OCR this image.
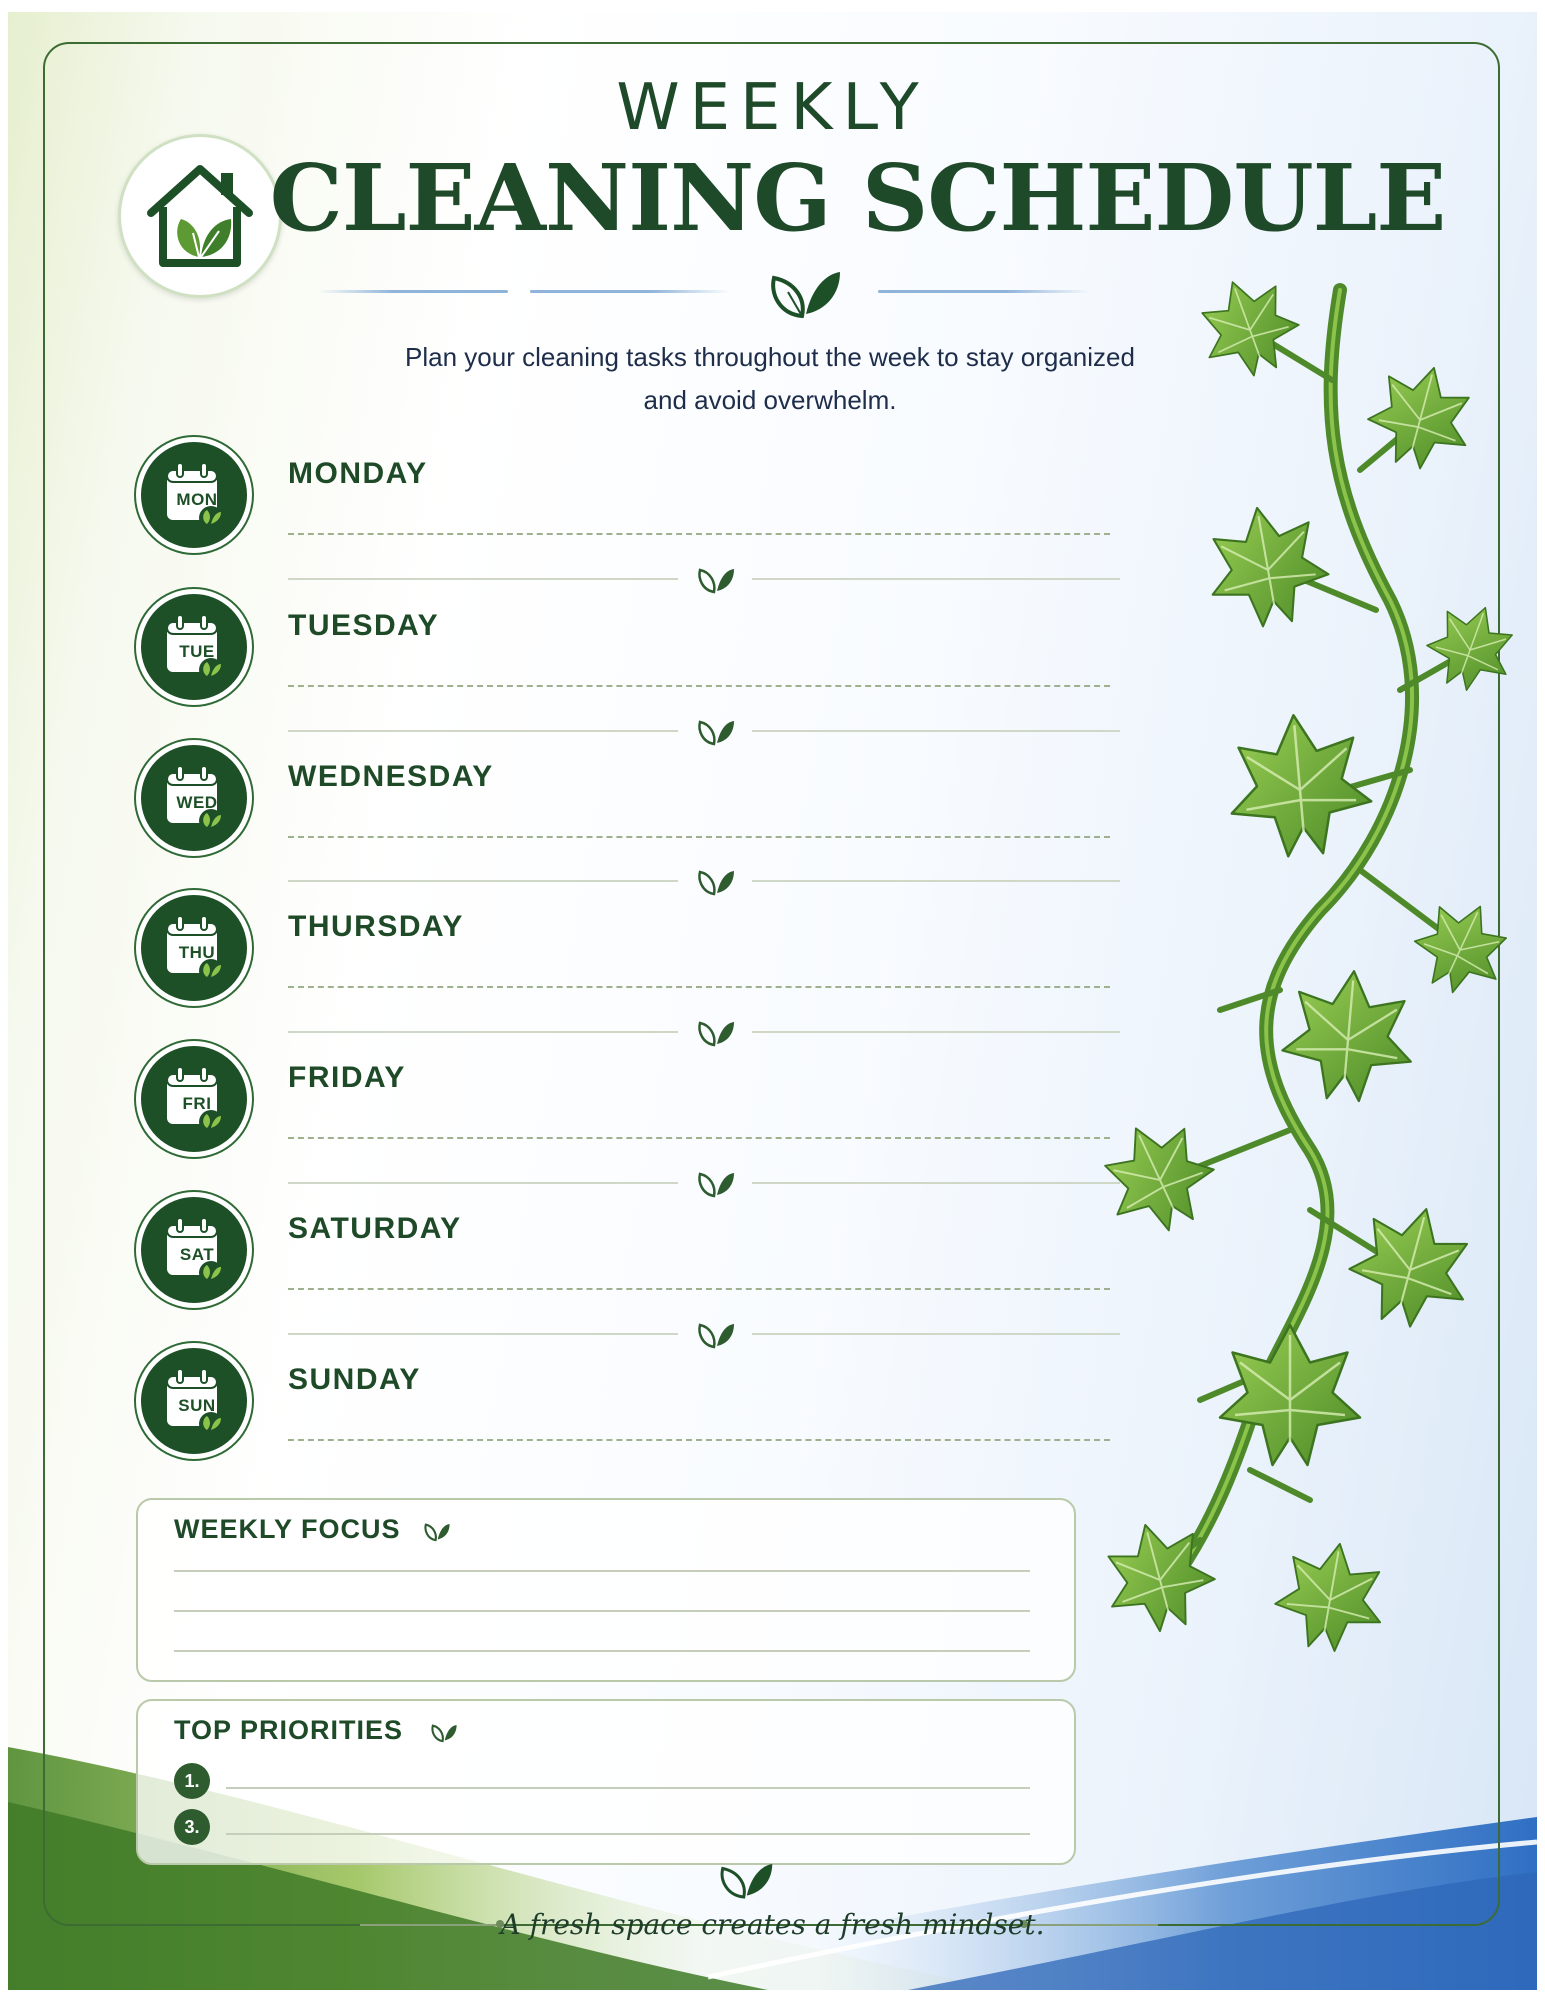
WEEKLY
CLEANING SCHEDULE
Plan your cleaning tasks throughout the week to stay organized
and avoid overwhelm.
MON
MONDAY
TUE
TUESDAY
WED
WEDNESDAY
THU
THURSDAY
FRI
FRIDAY
SAT
SATURDAY
SUN
SUNDAY
WEEKLY FOCUS
TOP PRIORITIES
1.
3.
A fresh space creates a fresh mindset.
